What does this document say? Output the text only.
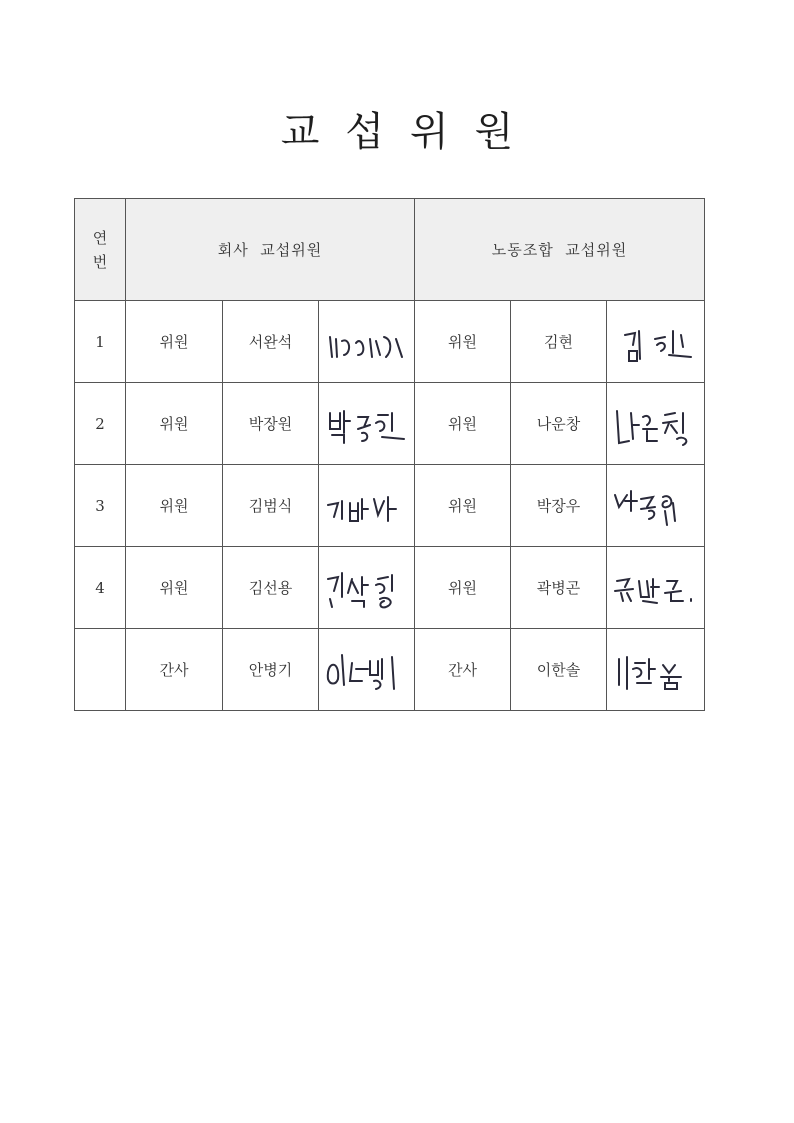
교섭위원
연
번	회사  교섭위원			노동조합  교섭위원		
1	위원	서완석		위원	김현	

2	위원	박장원		위원	나운창	

3	위원	김범식		위원	박장우	

4	위원	김선용		위원	곽병곤	

	간사	안병기		간사	이한솔	
